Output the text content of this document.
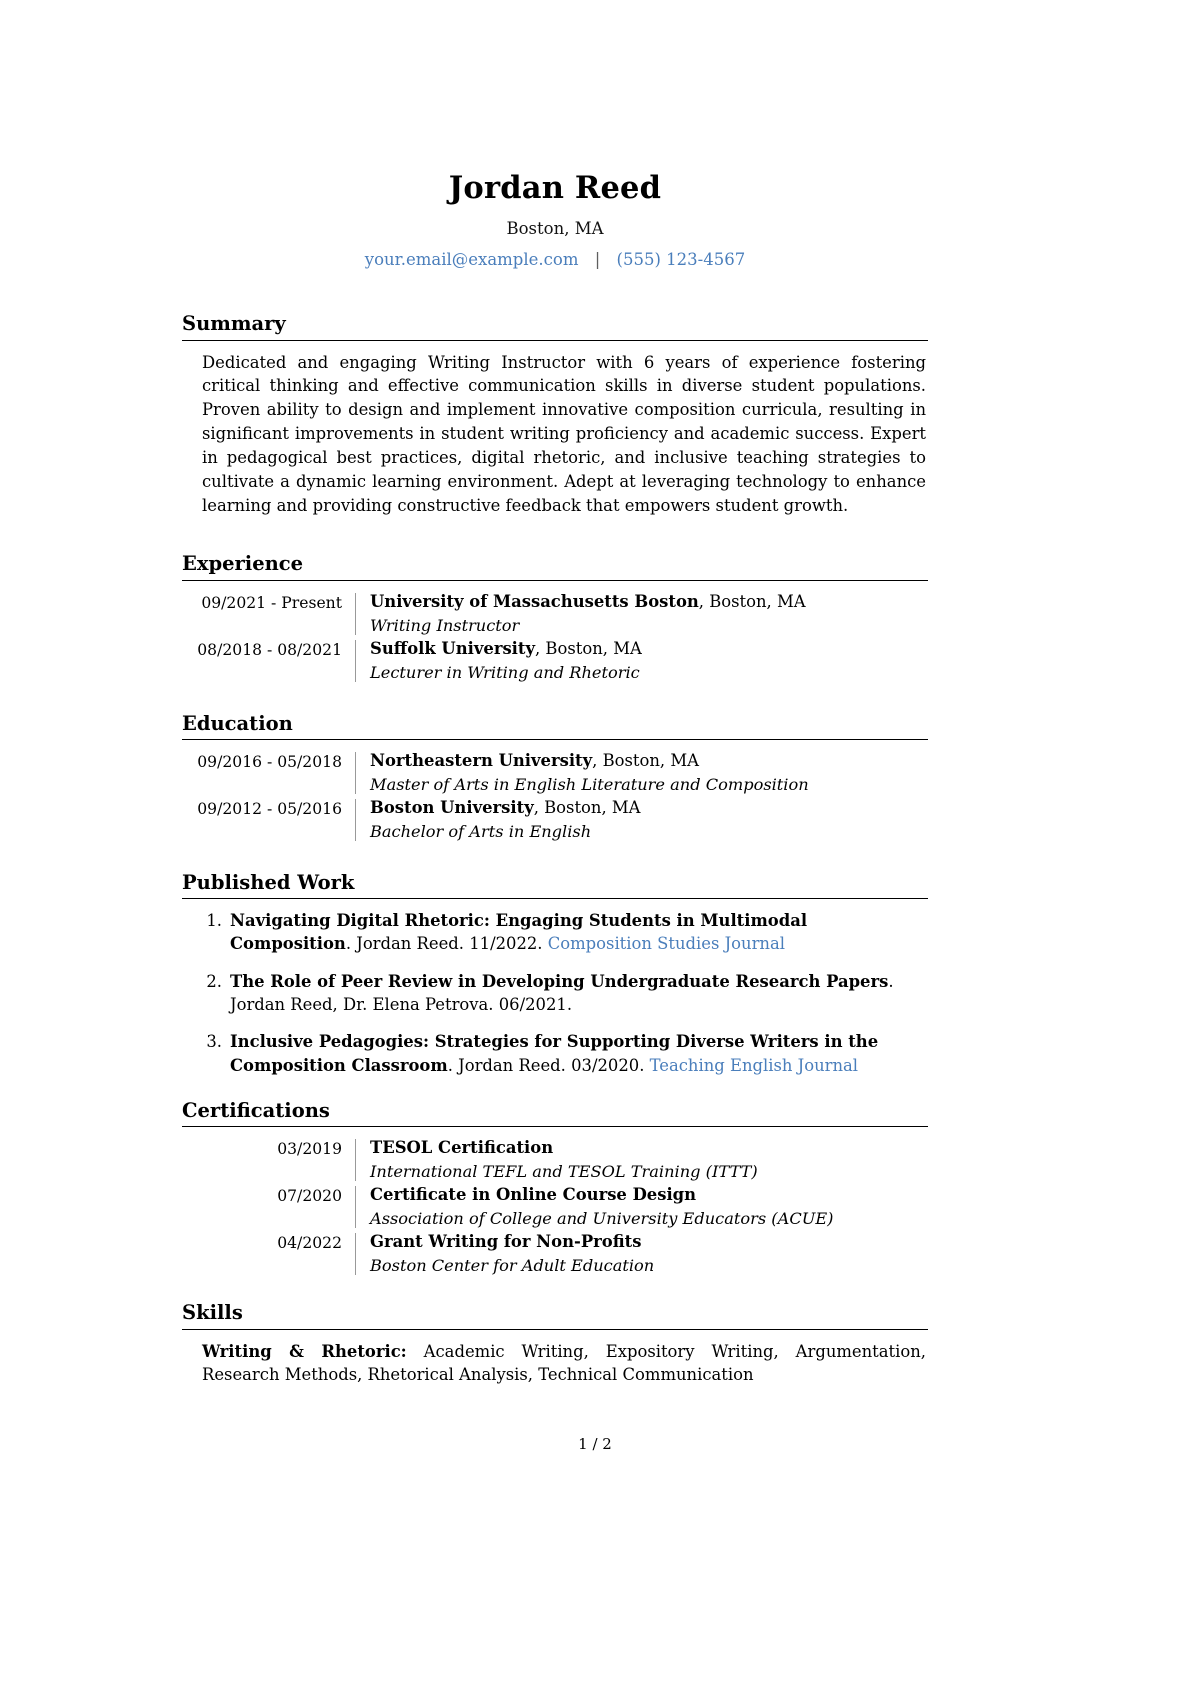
Jordan Reed
Boston, MA
your.email@example.com | (555) 123-4567
Summary
Dedicated and engaging Writing Instructor with 6 years of experience fostering critical thinking and effective communication skills in diverse student populations. Proven ability to design and implement innovative composition curricula, resulting in significant improvements in student writing proficiency and academic success. Expert in pedagogical best practices, digital rhetoric, and inclusive teaching strategies to cultivate a dynamic learning environment. Adept at leveraging technology to enhance learning and providing constructive feedback that empowers student growth.
Experience
09/2021 - Present	University of Massachusetts Boston, Boston, MA
Writing Instructor
08/2018 - 08/2021	Suffolk University, Boston, MA
Lecturer in Writing and Rhetoric
Education
09/2016 - 05/2018	Northeastern University, Boston, MA
Master of Arts in English Literature and Composition
09/2012 - 05/2016	Boston University, Boston, MA
Bachelor of Arts in English
Published Work
1. Navigating Digital Rhetoric: Engaging Students in Multimodal Composition. Jordan Reed. 11/2022. Composition Studies Journal
2. The Role of Peer Review in Developing Undergraduate Research Papers. Jordan Reed, Dr. Elena Petrova. 06/2021.
3. Inclusive Pedagogies: Strategies for Supporting Diverse Writers in the Composition Classroom. Jordan Reed. 03/2020. Teaching English Journal
Certifications
03/2019	TESOL Certification
International TEFL and TESOL Training (ITTT)
07/2020	Certificate in Online Course Design
Association of College and University Educators (ACUE)
04/2022	Grant Writing for Non-Profits
Boston Center for Adult Education
Skills
Writing & Rhetoric: Academic Writing, Expository Writing, Argumentation, Research Methods, Rhetorical Analysis, Technical Communication
1 / 2
